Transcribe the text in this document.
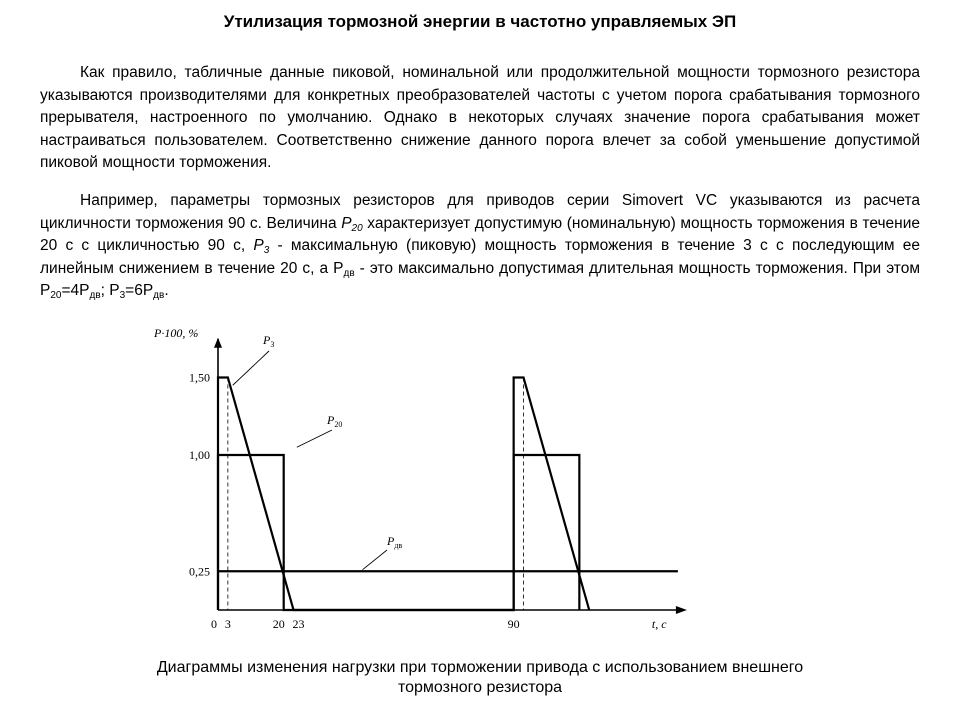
Утилизация тормозной энергии в частотно управляемых ЭП
Как правило, табличные данные пиковой, номинальной или продолжительной мощности тормозного резистора указываются производителями для конкретных преобразователей частоты с учетом порога срабатывания тормозного прерывателя, настроенного по умолчанию. Однако в некоторых случаях значение порога срабатывания может настраиваться пользователем. Соответственно снижение данного порога влечет за собой уменьшение допустимой пиковой мощности торможения.
Например, параметры тормозных резисторов для приводов серии Simovert VC указываются из расчета цикличности торможения 90 с. Величина $P_{20}$ характеризует допустимую (номинальную) мощность торможения в течение 20 с с цикличностью 90 с, $P_3$ - максимальную (пиковую) мощность торможения в течение 3 с с последующим ее линейным снижением в течение 20 с, а $P_{дв}$ - это максимально допустимая длительная мощность торможения. При этом $P_{20}=4P_{дв}$; $P_3=6P_{дв}$.
P·100, %
t, c
1,50
1,00
0,25
0 3	20 23	90
$P_3$
$P_{20}$
$P_{дв}$
Диаграммы изменения нагрузки при торможении привода с использованием внешнего
тормозного резистора
